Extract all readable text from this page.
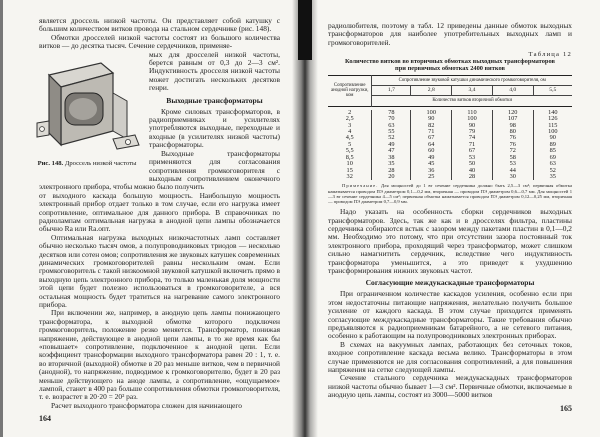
является дроссель низкой частоты. Он представляет собой катушку с большим количеством витков провода на стальном сердечнике (рис. 148).

Обмотки дросселей низкой частоты состоят из большого количества витков — до десятка тысяч. Сечение сердечников, применяе-

Рис. 148. Дроссель низкой частоты

мых для дросселей низкой частоты, берется равным от 0,3 до 2—3 см². Индуктивность дросселя низкой частоты может достигать нескольких десятков генри.

Выходные трансформаторы

Кроме силовых трансформаторов, в радиоприемниках и усилителях употребляются выходные, переходные и входные (в усилителях низкой частоты) трансформаторы.

Выходные трансформаторы применяются для согласования сопротивления громкоговорителя с выходным сопротивлением оконечного электронного прибора, чтобы можно было получить

от выходного каскада большую мощность. Наибольшую мощность электронный прибор отдает только в том случае, если его нагрузка имеет сопротивление, оптимальное для данного прибора. В справочниках по радиолампам оптимальная нагрузка в анодной цепи лампы обозначается обычно Rа или Rа.опт.

Оптимальная нагрузка выходных низкочастотных ламп составляет обычно несколько тысяч омов, а полупроводниковых триодов — несколько десятков или сотен омов; сопротивления же звуковых катушек современных динамических громкоговорителей равны нескольким омам. Если громкоговоритель с такой низкоомной звуковой катушкой включить прямо в выходную цепь электронного прибора, то только маленькая доля мощности этой цепи будет полезно использоваться в громкоговорителе, а вся остальная мощность будет тратиться на нагревание самого электронного прибора.

При включении же, например, в анодную цепь лампы понижающего трансформатора, к выходной обмотке которого подключен громкоговоритель, положение резко меняется. Трансформатор, понижая напряжение, действующее в анодной цепи лампы, в то же время как бы «повышает» сопротивление, подключенное к анодной цепи. Если коэффициент трансформации выходного трансформатора равен 20 : 1, т. е. во вторичной (выходной) обмотке в 20 раз меньше витков, чем в первичной (анодной), то напряжение, подводимое к громкоговорителю, будет в 20 раз меньше действующего на аноде лампы, а сопротивление, «ощущаемое» лампой, станет в 400 раз больше сопротивления обмотки громкоговорителя, т. е. возрастет в 20·20 = 20² раз.

Расчет выходного трансформатора сложен для начинающего

164

радиолюбителя, поэтому в табл. 12 приведены данные обмоток выходных трансформаторов для наиболее употребительных выходных ламп и громкоговорителей.

Таблица 12
Количество витков во вторичных обмотках выходных трансформаторов
при первичных обмотках 2400 витков
Сопротивление анодной нагрузки, ком	Сопротивление звуковой катушки динамического громкоговорителя, ом				
	1,7	2,8	3,4	4,0	5,5
	Количество витков вторичной обмотки				

2	78	100	110	120	140
2,5	70	90	100	107	126
3	63	82	90	98	115
4	55	71	79	80	100
4,5	52	67	74	76	90
5	49	64	71	76	89
5,5	47	60	67	72	85
8,5	38	49	53	58	69
10	35	45	50	53	63
15	28	36	40	44	52
32	20	25	28	30	35
Примечание. Для мощностей до 1 вт сечение сердечника должно быть 2,5—3 см²; первичная обмотка наматывается проводом ПЭ диаметром 0,1—0,2 мм, вторичная — проводом ПЭ диаметром 0,6—0,7 мм. Для мощностей 1—3 вт сечение сердечника 4—5 см²; первичная обмотка наматывается проводом ПЭ диаметром 0,12—0,25 мм, вторичная — проводом ПЭ диаметром 0,7—0,9 мм.

Надо указать на особенность сборки сердечников выходных трансформаторов. Здесь, так же как и в дросселях фильтра, пластины сердечника собираются встык с зазором между пакетами пластин в 0,1—0,2 мм. Необходимо это потому, что при отсутствии зазора постоянный ток электронного прибора, проходящий через трансформатор, может слишком сильно намагнитить сердечник, вследствие чего индуктивность трансформатора уменьшится, а это приведет к ухудшению трансформирования нижних звуковых частот.

Согласующие междукаскадные трансформаторы

При ограниченном количестве каскадов усиления, особенно если при этом недостаточны питающие напряжения, желательно получить большое усиление от каждого каскада. В этом случае приходится применять согласующие междукаскадные трансформаторы. Такие требования обычно предъявляются к радиоприемникам батарейного, а не сетевого питания, особенно к работающим на полупроводниковых электронных приборах.

В схемах на вакуумных лампах, работающих без сеточных токов, входное сопротивление каскада весьма велико. Трансформаторы в этом случае применяются не для согласования сопротивлений, а для повышения напряжения на сетке следующей лампы.

Сечение стального сердечника междукаскадных трансформаторов низкой частоты обычно бывает 1—3 см². Первичные обмотки, включаемые в анодную цепь лампы, состоят из 3000—5000 витков

165
